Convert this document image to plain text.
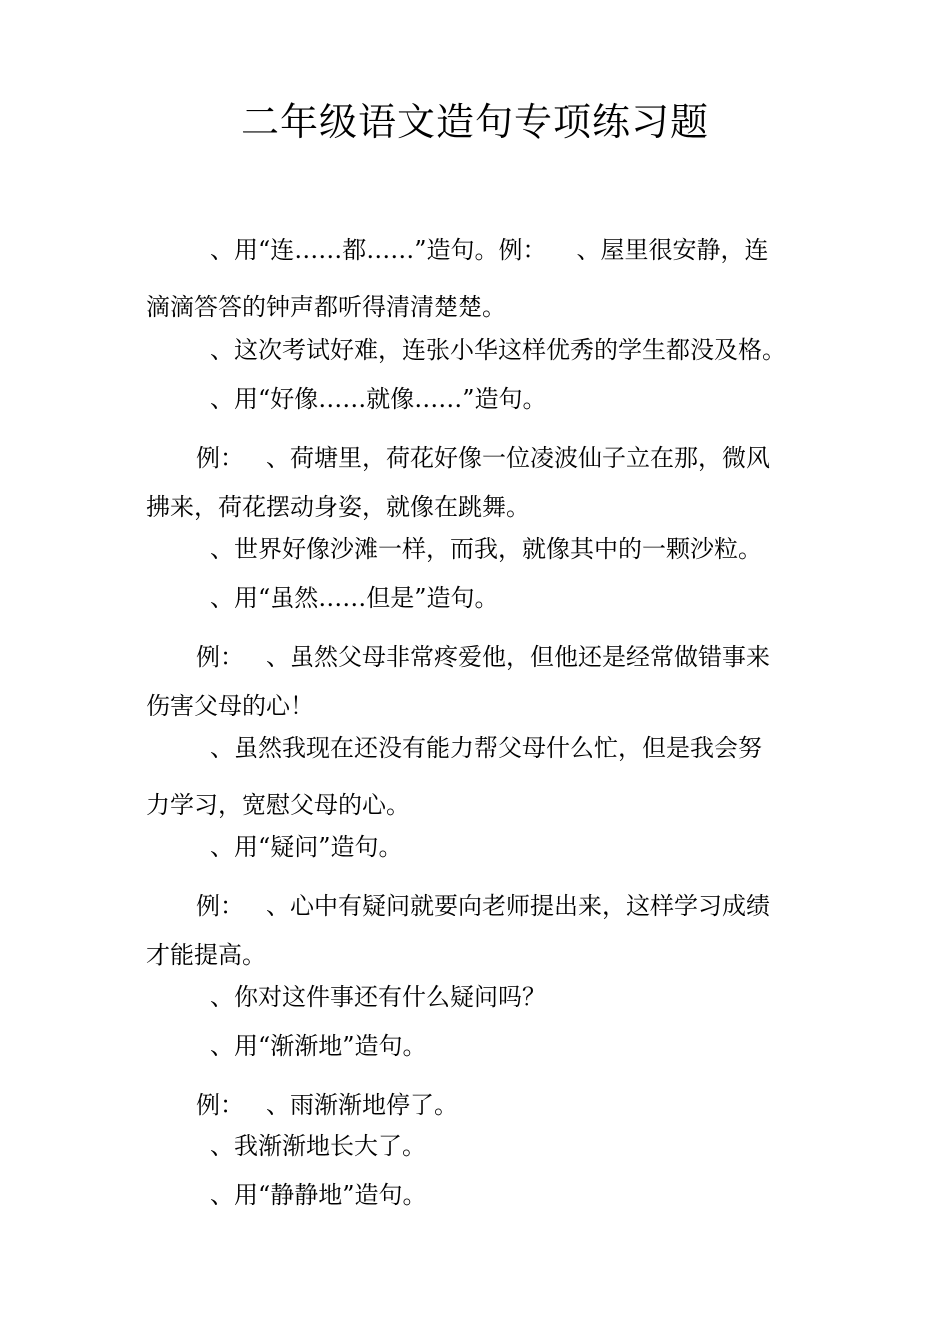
二年级语文造句专项练习题
、用“连……都……”造句。例： 、屋里很安静，连
滴滴答答的钟声都听得清清楚楚。
、这次考试好难，连张小华这样优秀的学生都没及格。
、用“好像……就像……”造句。
例： 、荷塘里，荷花好像一位凌波仙子立在那，微风
拂来，荷花摆动身姿，就像在跳舞。
、世界好像沙滩一样，而我，就像其中的一颗沙粒。
、用“虽然……但是”造句。
例： 、虽然父母非常疼爱他，但他还是经常做错事来
伤害父母的心！
、虽然我现在还没有能力帮父母什么忙，但是我会努
力学习，宽慰父母的心。
、用“疑问”造句。
例： 、心中有疑问就要向老师提出来，这样学习成绩
才能提高。
、你对这件事还有什么疑问吗？
、用“渐渐地”造句。
例： 、雨渐渐地停了。
、我渐渐地长大了。
、用“静静地”造句。
